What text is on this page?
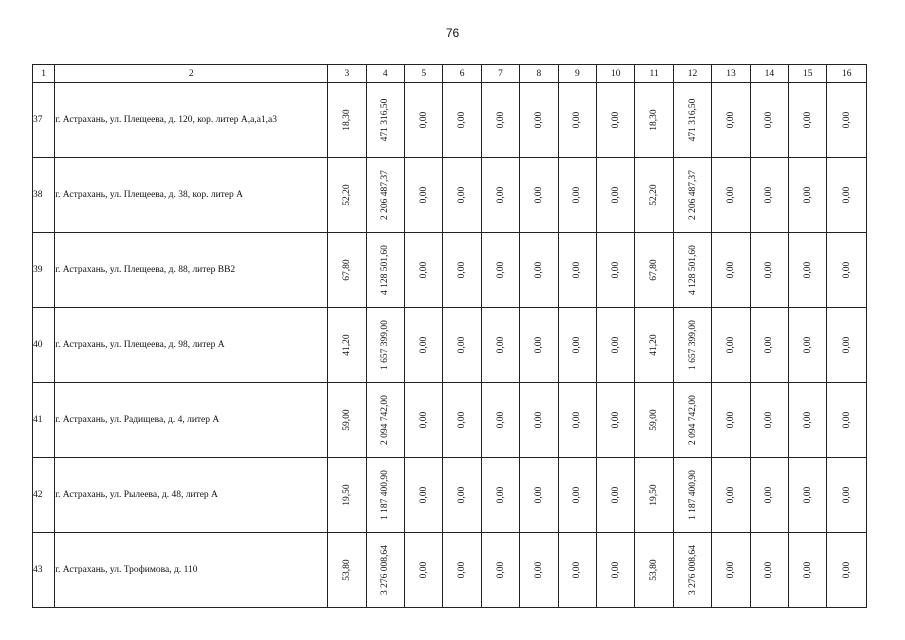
76
1	2	3	4	5	6	7	8	9	10	11	12	13	14	15	16
37	г. Астрахань, ул. Плещеева, д. 120, кор. литер А,а,а1,а3	18,30	471 316,50	0,00	0,00	0,00	0,00	0,00	0,00	18,30	471 316,50	0,00	0,00	0,00	0,00

38	г. Астрахань, ул. Плещеева, д. 38, кор. литер А	52,20	2 206 487,37	0,00	0,00	0,00	0,00	0,00	0,00	52,20	2 206 487,37	0,00	0,00	0,00	0,00

39	г. Астрахань, ул. Плещеева, д. 88, литер ВВ2	67,80	4 128 501,60	0,00	0,00	0,00	0,00	0,00	0,00	67,80	4 128 501,60	0,00	0,00	0,00	0,00

40	г. Астрахань, ул. Плещеева, д. 98, литер А	41,20	1 657 399,00	0,00	0,00	0,00	0,00	0,00	0,00	41,20	1 657 399,00	0,00	0,00	0,00	0,00

41	г. Астрахань, ул. Радищева, д. 4, литер А	59,00	2 094 742,00	0,00	0,00	0,00	0,00	0,00	0,00	59,00	2 094 742,00	0,00	0,00	0,00	0,00

42	г. Астрахань, ул. Рылеева, д. 48, литер А	19,50	1 187 400,90	0,00	0,00	0,00	0,00	0,00	0,00	19,50	1 187 400,90	0,00	0,00	0,00	0,00

43	г. Астрахань, ул. Трофимова, д. 110	53,80	3 276 008,64	0,00	0,00	0,00	0,00	0,00	0,00	53,80	3 276 008,64	0,00	0,00	0,00	0,00
